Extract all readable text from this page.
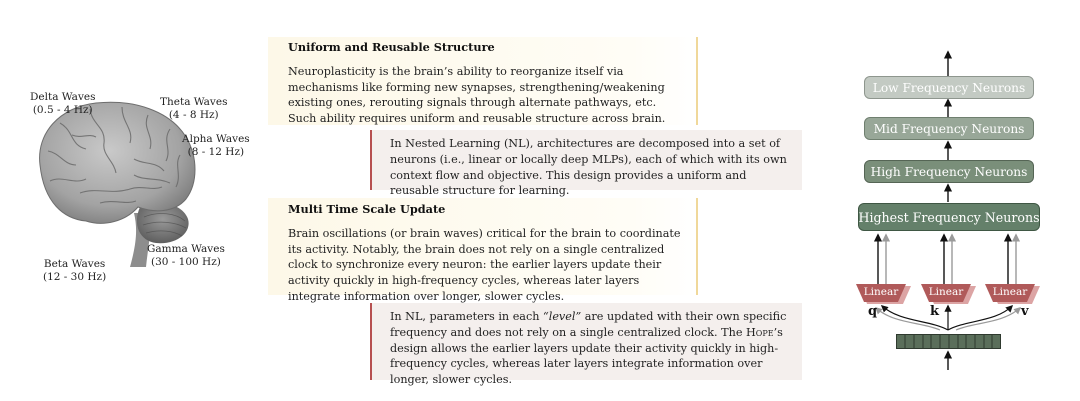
Delta Waves
(0.5 - 4 Hz)
Theta Waves
(4 - 8 Hz)
Alpha Waves
(8 - 12 Hz)
Gamma Waves
(30 - 100 Hz)
Beta Waves
(12 - 30 Hz)
Uniform and Reusable Structure

Neuroplasticity is the brain’s ability to reorganize itself via mechanisms like forming new synapses, strengthening/weakening existing ones, rerouting signals through alternate pathways, etc. Such ability requires uniform and reusable structure across brain.

In Nested Learning (NL), architectures are decomposed into a set of neurons (i.e., linear or locally deep MLPs), each of which with its own context flow and objective. This design provides a uniform and reusable structure for learning.

Multi Time Scale Update

Brain oscillations (or brain waves) critical for the brain to coordinate its activity. Notably, the brain does not rely on a single centralized clock to synchronize every neuron: the earlier layers update their activity quickly in high-frequency cycles, whereas later layers integrate information over longer, slower cycles.

In NL, parameters in each “level” are updated with their own specific frequency and does not rely on a single centralized clock. The Hope’s design allows the earlier layers update their activity quickly in high-frequency cycles, whereas later layers integrate information over longer, slower cycles.

Low Frequency Neurons
Mid Frequency Neurons
High Frequency Neurons
Highest Frequency Neurons
Linear	Linear	Linear
q	k	v
